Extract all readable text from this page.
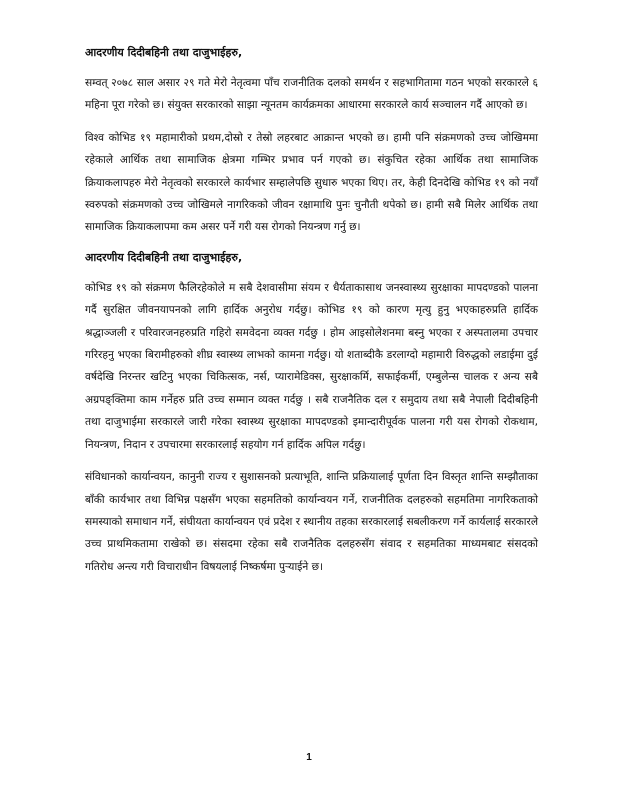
आदरणीय दिदीबहिनी तथा दाजुभाईहरु,

सम्वत् २०७८ साल असार २९ गते मेरो नेतृत्वमा पाँच राजनीतिक दलको समर्थन र सहभागितामा गठन भएको सरकारले ६ महिना पूरा गरेको छ। संयुक्त सरकारको साझा न्यूनतम कार्यक्रमका आधारमा सरकारले कार्य सञ्चालन गर्दै आएको छ।

विश्व कोभिड १९ महामारीको प्रथम,दोस्रो र तेस्रो लहरबाट आक्रान्त भएको छ। हामी पनि संक्रमणको उच्च जोखिममा रहेकाले आर्थिक तथा सामाजिक क्षेत्रमा गम्भिर प्रभाव पर्न गएको छ। संकुचित रहेका आर्थिक तथा सामाजिक क्रियाकलापहरु मेरो नेतृत्वको सरकारले कार्यभार सम्हालेपछि सुधारु भएका थिए। तर, केही दिनदेखि कोभिड १९ को नयाँ स्वरुपको संक्रमणको उच्च जोखिमले नागरिकको जीवन रक्षामाथि पुनः चुनौती थपेको छ। हामी सबै मिलेर आर्थिक तथा सामाजिक क्रियाकलापमा कम असर पर्ने गरी यस रोगको नियन्त्रण गर्नु छ।

आदरणीय दिदीबहिनी तथा दाजुभाईहरु,

कोभिड १९ को संक्रमण फैलिरहेकोले म सबै देशवासीमा संयम र धैर्यताकासाथ जनस्वास्थ्य सुरक्षाका मापदण्डको पालना गर्दै सुरक्षित जीवनयापनको लागि हार्दिक अनुरोध गर्दछु। कोभिड १९ को कारण मृत्यु हुनु भएकाहरुप्रति हार्दिक श्रद्धाञ्जली र परिवारजनहरुप्रति गहिरो समवेदना व्यक्त गर्दछु । होम आइसोलेशनमा बस्नु भएका र अस्पतालमा उपचार गरिरहनु भएका बिरामीहरुको शीघ्र स्वास्थ्य लाभको कामना गर्दछु। यो शताब्दीकै डरलाग्दो महामारी विरुद्धको लडाईमा दुई वर्षदेखि निरन्तर खटिनु भएका चिकित्सक, नर्स, प्यारामेडिक्स, सुरक्षाकर्मि, सफाईकर्मी, एम्बुलेन्स चालक र अन्य सबै अग्रपङ्क्तिमा काम गर्नेहरु प्रति उच्च सम्मान व्यक्त गर्दछु । सबै राजनैतिक दल र समुदाय तथा सबै नेपाली दिदीबहिनी तथा दाजुभाईमा सरकारले जारी गरेका स्वास्थ्य सुरक्षाका मापदण्डको इमान्दारीपूर्वक पालना गरी यस रोगको रोकथाम, नियन्त्रण, निदान र उपचारमा सरकारलाई सहयोग गर्न हार्दिक अपिल गर्दछु।

संविधानको कार्यान्वयन, कानुनी राज्य र सुशासनको प्रत्याभूति, शान्ति प्रक्रियालाई पूर्णता दिन विस्तृत शान्ति सम्झौताका बाँकी कार्यभार तथा विभिन्न पक्षसँग भएका सहमतिको कार्यान्वयन गर्ने, राजनीतिक दलहरुको सहमतिमा नागरिकताको समस्याको समाधान गर्ने, संघीयता कार्यान्वयन एवं प्रदेश र स्थानीय तहका सरकारलाई सबलीकरण गर्ने कार्यलाई सरकारले उच्च प्राथमिकतामा राखेको छ। संसदमा रहेका सबै राजनैतिक दलहरुसँग संवाद र सहमतिका माध्यमबाट संसदको गतिरोध अन्त्य गरी विचाराधीन विषयलाई निष्कर्षमा पुऱ्याईने छ।

1
